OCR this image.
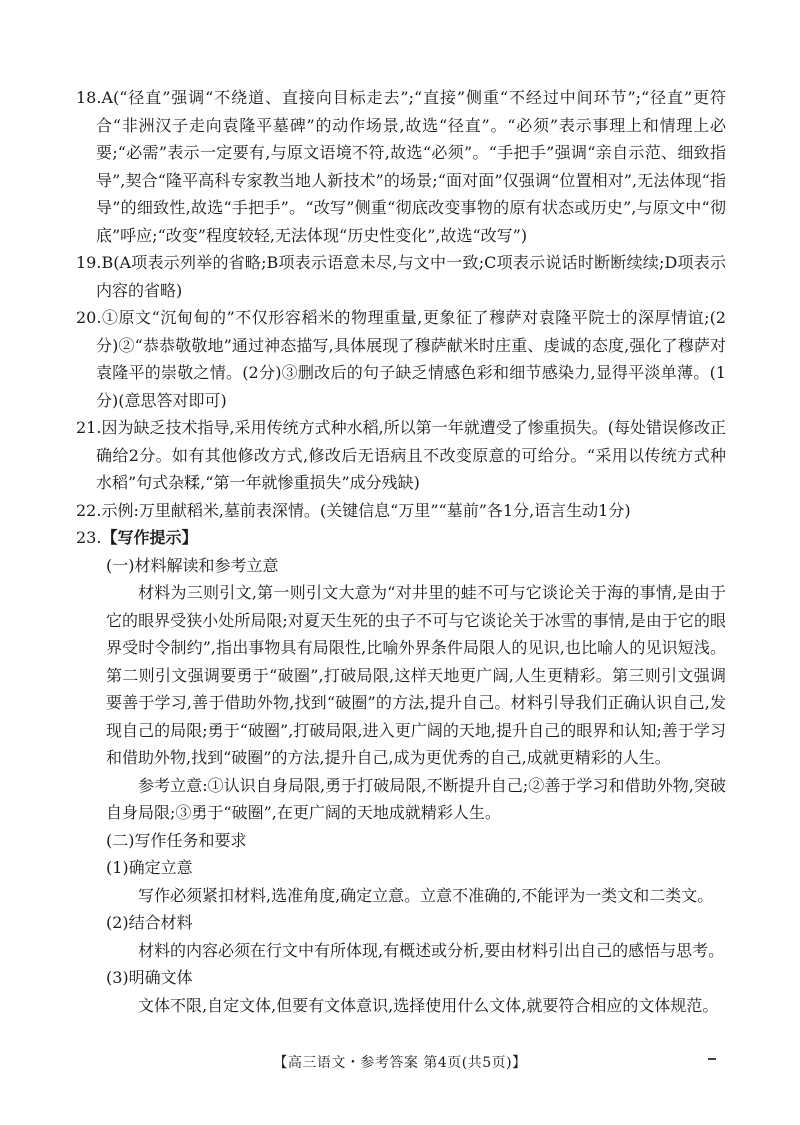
18.A(“径直”强调“不绕道、直接向目标走去”;“直接”侧重“不经过中间环节”;“径直”更符合“非洲汉子走向袁隆平墓碑”的动作场景,故选“径直”。“必须”表示事理上和情理上必要;“必需”表示一定要有,与原文语境不符,故选“必须”。“手把手”强调“亲自示范、细致指导”,契合“隆平高科专家教当地人新技术”的场景;“面对面”仅强调“位置相对”,无法体现“指导”的细致性,故选“手把手”。“改写”侧重“彻底改变事物的原有状态或历史”,与原文中“彻底”呼应;“改变”程度较轻,无法体现“历史性变化”,故选“改写”)

19.B(A项表示列举的省略;B项表示语意未尽,与文中一致;C项表示说话时断断续续;D项表示内容的省略)

20.①原文“沉甸甸的”不仅形容稻米的物理重量,更象征了穆萨对袁隆平院士的深厚情谊;(2分)②“恭恭敬敬地”通过神态描写,具体展现了穆萨献米时庄重、虔诚的态度,强化了穆萨对袁隆平的崇敬之情。(2分)③删改后的句子缺乏情感色彩和细节感染力,显得平淡单薄。(1分)(意思答对即可)

21.因为缺乏技术指导,采用传统方式种水稻,所以第一年就遭受了惨重损失。(每处错误修改正确给2分。如有其他修改方式,修改后无语病且不改变原意的可给分。“采用以传统方式种水稻”句式杂糅,“第一年就惨重损失”成分残缺)

22.示例:万里献稻米,墓前表深情。(关键信息“万里”“墓前”各1分,语言生动1分)

23.【写作提示】

(一)材料解读和参考立意

材料为三则引文,第一则引文大意为“对井里的蛙不可与它谈论关于海的事情,是由于它的眼界受狭小处所局限;对夏天生死的虫子不可与它谈论关于冰雪的事情,是由于它的眼界受时令制约”,指出事物具有局限性,比喻外界条件局限人的见识,也比喻人的见识短浅。第二则引文强调要勇于“破圈”,打破局限,这样天地更广阔,人生更精彩。第三则引文强调要善于学习,善于借助外物,找到“破圈”的方法,提升自己。材料引导我们正确认识自己,发现自己的局限;勇于“破圈”,打破局限,进入更广阔的天地,提升自己的眼界和认知;善于学习和借助外物,找到“破圈”的方法,提升自己,成为更优秀的自己,成就更精彩的人生。

参考立意:①认识自身局限,勇于打破局限,不断提升自己;②善于学习和借助外物,突破自身局限;③勇于“破圈”,在更广阔的天地成就精彩人生。

(二)写作任务和要求

(1)确定立意

写作必须紧扣材料,选准角度,确定立意。立意不准确的,不能评为一类文和二类文。

(2)结合材料

材料的内容必须在行文中有所体现,有概述或分析,要由材料引出自己的感悟与思考。

(3)明确文体

文体不限,自定文体,但要有文体意识,选择使用什么文体,就要符合相应的文体规范。

【高三语文・参考答案 第4页(共5页)】
